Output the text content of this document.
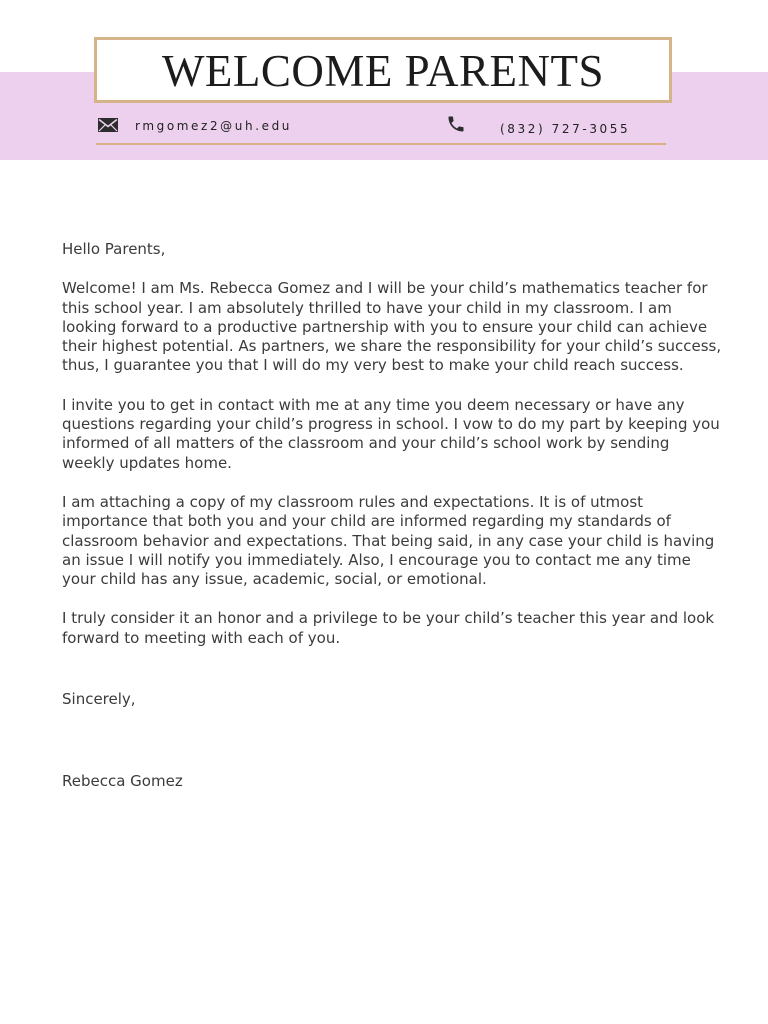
WELCOME PARENTS
rmgomez2@uh.edu	(832) 727-3055

Hello Parents,

Welcome! I am Ms. Rebecca Gomez and I will be your child’s mathematics teacher for this school year. I am absolutely thrilled to have your child in my classroom. I am looking forward to a productive partnership with you to ensure your child can achieve their highest potential. As partners, we share the responsibility for your child’s success, thus, I guarantee you that I will do my very best to make your child reach success.

I invite you to get in contact with me at any time you deem necessary or have any questions regarding your child’s progress in school. I vow to do my part by keeping you informed of all matters of the classroom and your child’s school work by sending weekly updates home.

I am attaching a copy of my classroom rules and expectations. It is of utmost importance that both you and your child are informed regarding my standards of classroom behavior and expectations. That being said, in any case your child is having an issue I will notify you immediately. Also, I encourage you to contact me any time your child has any issue, academic, social, or emotional.

I truly consider it an honor and a privilege to be your child’s teacher this year and look forward to meeting with each of you.

Sincerely,

Rebecca Gomez
